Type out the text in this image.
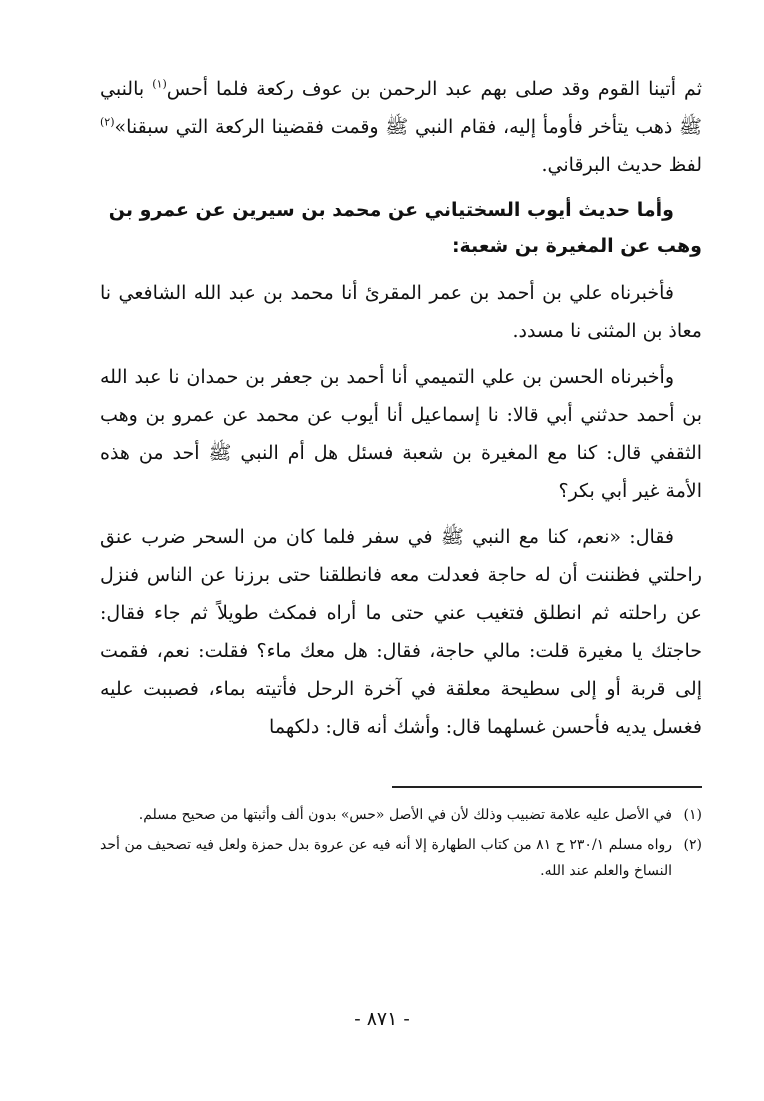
ثم أتينا القوم وقد صلى بهم عبد الرحمن بن عوف ركعة فلما أحس$^{(١)}$ بالنبي ﷺ ذهب يتأخر فأومأ إليه، فقام النبي ﷺ وقمت فقضينا الركعة التي سبقنا»$^{(٢)}$ لفظ حديث البرقاني.

وأما حديث أيوب السختياني عن محمد بن سيرين عن عمرو بن وهب عن المغيرة بن شعبة:

فأخبرناه علي بن أحمد بن عمر المقرئ أنا محمد بن عبد الله الشافعي نا معاذ بن المثنى نا مسدد.

وأخبرناه الحسن بن علي التميمي أنا أحمد بن جعفر بن حمدان نا عبد الله بن أحمد حدثني أبي قالا: نا إسماعيل أنا أيوب عن محمد عن عمرو بن وهب الثقفي قال: كنا مع المغيرة بن شعبة فسئل هل أم النبي ﷺ أحد من هذه الأمة غير أبي بكر؟

فقال: «نعم، كنا مع النبي ﷺ في سفر فلما كان من السحر ضرب عنق راحلتي فظننت أن له حاجة فعدلت معه فانطلقنا حتى برزنا عن الناس فنزل عن راحلته ثم انطلق فتغيب عني حتى ما أراه فمكث طويلاً ثم جاء فقال: حاجتك يا مغيرة قلت: مالي حاجة، فقال: هل معك ماء؟ فقلت: نعم، فقمت إلى قربة أو إلى سطيحة معلقة في آخرة الرحل فأتيته بماء، فصببت عليه فغسل يديه فأحسن غسلهما قال: وأشك أنه قال: دلكهما

(١)
في الأصل عليه علامة تضبيب وذلك لأن في الأصل «حس» بدون ألف وأثبتها من صحيح مسلم.
(٢)
رواه مسلم ٢٣٠/١ ح ٨١ من كتاب الطهارة إلا أنه فيه عن عروة بدل حمزة ولعل فيه تصحيف من أحد النساخ والعلم عند الله.
- ٨٧١ -
